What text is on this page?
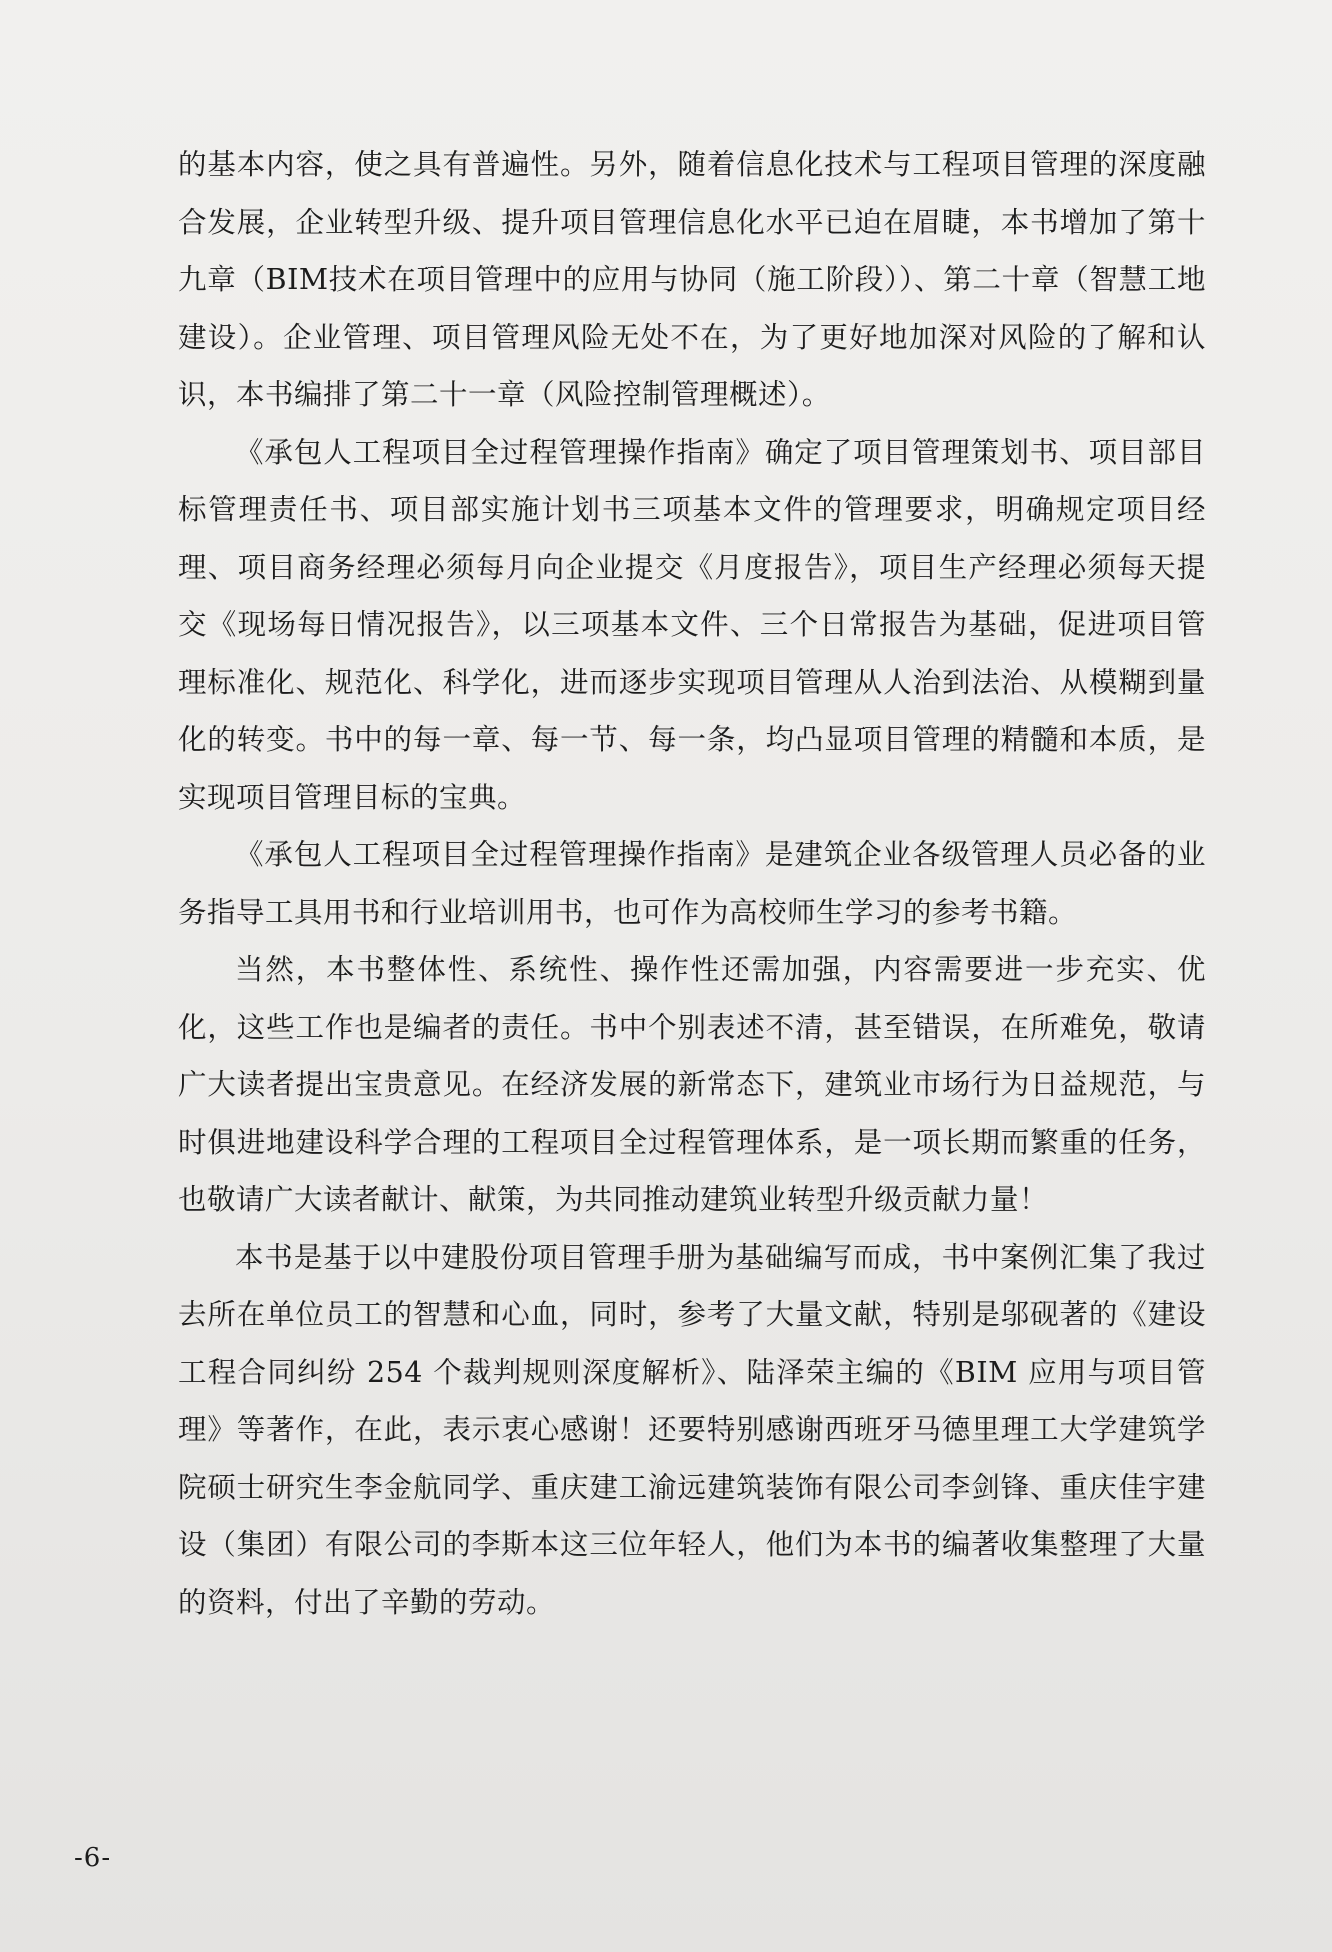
的基本内容，使之具有普遍性。另外，随着信息化技术与工程项目管理的深度融合发展，企业转型升级、提升项目管理信息化水平已迫在眉睫，本书增加了第十九章（BIM技术在项目管理中的应用与协同（施工阶段））、第二十章（智慧工地建设）。企业管理、项目管理风险无处不在，为了更好地加深对风险的了解和认识，本书编排了第二十一章（风险控制管理概述）。

《承包人工程项目全过程管理操作指南》确定了项目管理策划书、项目部目标管理责任书、项目部实施计划书三项基本文件的管理要求，明确规定项目经理、项目商务经理必须每月向企业提交《月度报告》，项目生产经理必须每天提交《现场每日情况报告》，以三项基本文件、三个日常报告为基础，促进项目管理标准化、规范化、科学化，进而逐步实现项目管理从人治到法治、从模糊到量化的转变。书中的每一章、每一节、每一条，均凸显项目管理的精髓和本质，是实现项目管理目标的宝典。

《承包人工程项目全过程管理操作指南》是建筑企业各级管理人员必备的业务指导工具用书和行业培训用书，也可作为高校师生学习的参考书籍。

当然，本书整体性、系统性、操作性还需加强，内容需要进一步充实、优化，这些工作也是编者的责任。书中个别表述不清，甚至错误，在所难免，敬请广大读者提出宝贵意见。在经济发展的新常态下，建筑业市场行为日益规范，与时俱进地建设科学合理的工程项目全过程管理体系，是一项长期而繁重的任务，也敬请广大读者献计、献策，为共同推动建筑业转型升级贡献力量！

本书是基于以中建股份项目管理手册为基础编写而成，书中案例汇集了我过去所在单位员工的智慧和心血，同时，参考了大量文献，特别是邬砚著的《建设工程合同纠纷 254 个裁判规则深度解析》、陆泽荣主编的《BIM 应用与项目管理》等著作，在此，表示衷心感谢！还要特别感谢西班牙马德里理工大学建筑学院硕士研究生李金航同学、重庆建工渝远建筑装饰有限公司李剑锋、重庆佳宇建设（集团）有限公司的李斯本这三位年轻人，他们为本书的编著收集整理了大量的资料，付出了辛勤的劳动。

-6-
